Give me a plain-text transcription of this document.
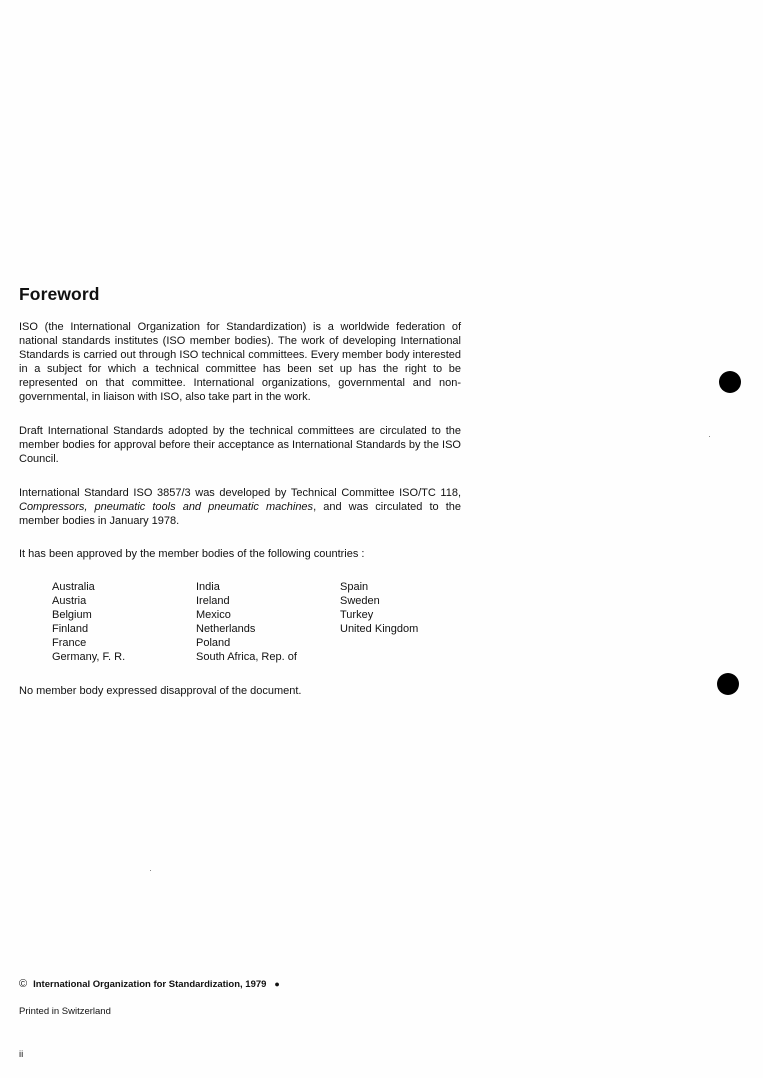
Foreword

ISO (the International Organization for Standardization) is a worldwide federation of national standards institutes (ISO member bodies). The work of developing International Standards is carried out through ISO technical committees. Every member body interested in a subject for which a technical committee has been set up has the right to be represented on that committee. International organizations, governmental and non-governmental, in liaison with ISO, also take part in the work.

Draft International Standards adopted by the technical committees are circulated to the member bodies for approval before their acceptance as International Standards by the ISO Council.

International Standard ISO 3857/3 was developed by Technical Committee ISO/TC 118, Compressors, pneumatic tools and pneumatic machines, and was circulated to the member bodies in January 1978.

It has been approved by the member bodies of the following countries :

Australia
Austria
Belgium
Finland
France
Germany, F. R.
India
Ireland
Mexico
Netherlands
Poland
South Africa, Rep. of
Spain
Sweden
Turkey
United Kingdom

No member body expressed disapproval of the document.

© International Organization for Standardization, 1979 ●
Printed in Switzerland
ii
